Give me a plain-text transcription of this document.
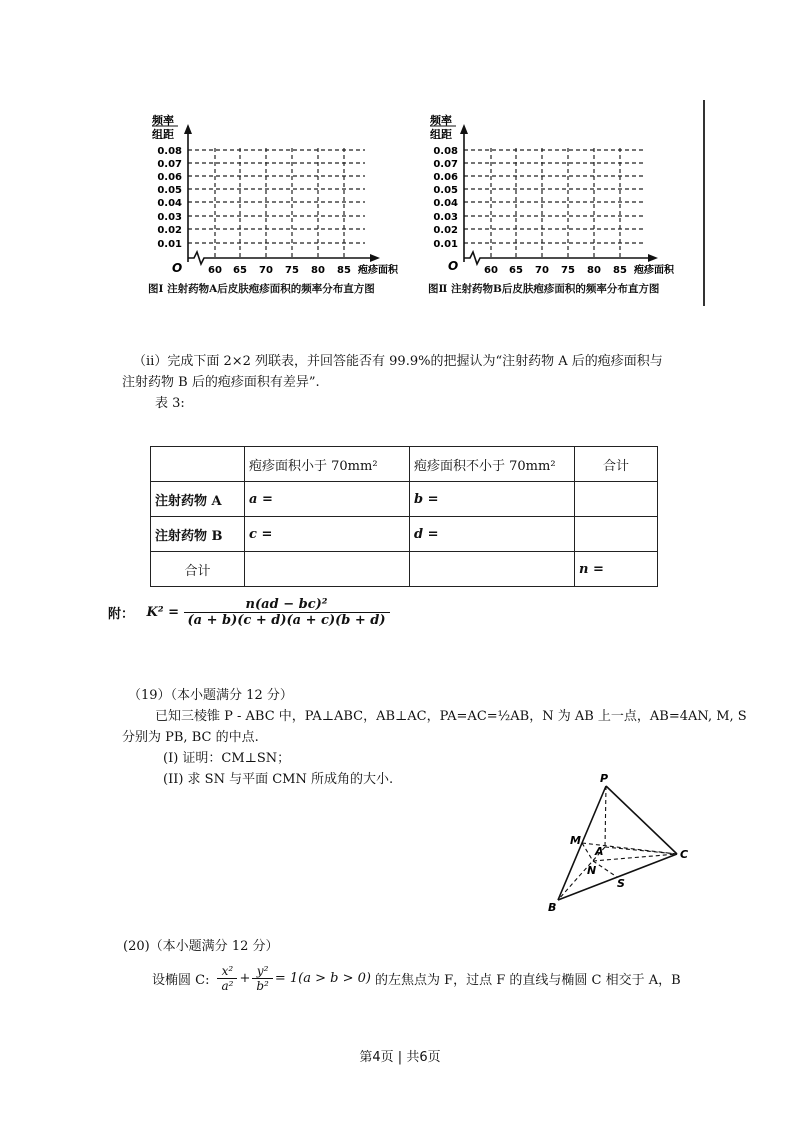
频率
组距
0.08
0.07
0.06
0.05
0.04
0.03
0.02
0.01
O	60 65 70 75 80 85 疱疹面积
图Ⅰ 注射药物A后皮肤疱疹面积的频率分布直方图
频率
组距
0.08
0.07
0.06
0.05
0.04
0.03
0.02
0.01
O	60 65 70 75 80 85 疱疹面积
图Ⅱ 注射药物B后皮肤疱疹面积的频率分布直方图
（ⅱ）完成下面 2×2 列联表，并回答能否有 99.9%的把握认为“注射药物 A 后的疱疹面积与
注射药物 B 后的疱疹面积有差异”.
表 3:
	疱疹面积小于 70mm²	疱疹面积不小于 70mm²	合计
注射药物 A	a =	b =	
注射药物 B	c =	d =	
合计			n =
附： $K^2 = \frac{\text{n(ad − bc)²}}{(a + b)(c + d)(a + c)(b + d)}$
（19）（本小题满分 12 分）
已知三棱锥 P - ABC 中，PA⊥ABC，AB⊥AC，PA=AC=½AB，N 为 AB 上一点，AB=4AN, M, S
分别为 PB, BC 的中点.
(I) 证明：CM⊥SN；
(II) 求 SN 与平面 CMN 所成角的大小.	P
M
A
N
S
B
C
(20)（本小题满分 12 分）
设椭圆 C: $\frac{\text{x²}}{\text{a²}} + \frac{\text{y²}}{\text{b²}} = 1(a > b > 0)$ 的左焦点为 F，过点 F 的直线与椭圆 C 相交于 A，B
第4页 | 共6页
